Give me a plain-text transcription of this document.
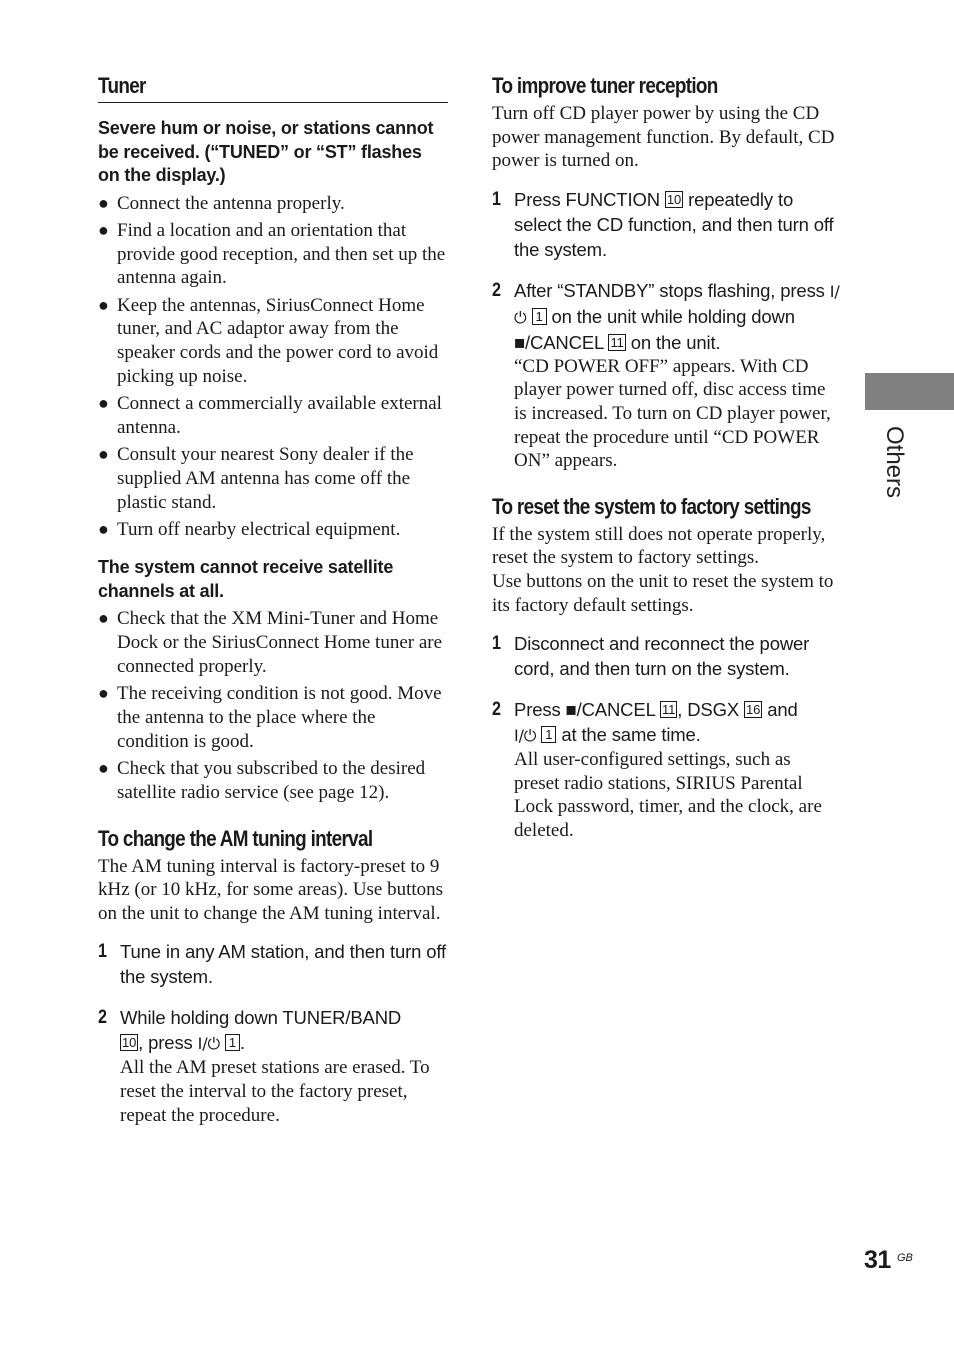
Tuner

Severe hum or noise, or stations cannot be received. (“TUNED” or “ST” flashes on the display.)

● Connect the antenna properly.
● Find a location and an orientation that provide good reception, and then set up the antenna again.
● Keep the antennas, SiriusConnect Home tuner, and AC adaptor away from the speaker cords and the power cord to avoid picking up noise.
● Connect a commercially available external antenna.
● Consult your nearest Sony dealer if the supplied AM antenna has come off the plastic stand.
● Turn off nearby electrical equipment.

The system cannot receive satellite channels at all.

● Check that the XM Mini-Tuner and Home Dock or the SiriusConnect Home tuner are connected properly.
● The receiving condition is not good. Move the antenna to the place where the condition is good.
● Check that you subscribed to the desired satellite radio service (see page 12).
To change the AM tuning interval

The AM tuning interval is factory-preset to 9 kHz (or 10 kHz, for some areas). Use buttons on the unit to change the AM tuning interval.

1 Tune in any AM station, and then turn off the system.

2 While holding down TUNER/BAND
10 , press I/⏻ 1 .

All the AM preset stations are erased. To reset the interval to the factory preset, repeat the procedure.

To improve tuner reception

Turn off CD player power by using the CD power management function. By default, CD power is turned on.

1 Press FUNCTION 10 repeatedly to select the CD function, and then turn off the system.

2 After “STANDBY” stops flashing, press I/⏻ 1 on the unit while holding down ■/CANCEL 11 on the unit.

“CD POWER OFF” appears. With CD player power turned off, disc access time is increased. To turn on CD player power, repeat the procedure until “CD POWER ON” appears.

To reset the system to factory settings

If the system still does not operate properly, reset the system to factory settings.

Use buttons on the unit to reset the system to its factory default settings.

1 Disconnect and reconnect the power cord, and then turn on the system.

2 Press ■/CANCEL 11 , DSGX 16 and
I/⏻ 1 at the same time.

All user-configured settings, such as preset radio stations, SIRIUS Parental Lock password, timer, and the clock, are deleted.

Others
31 GB
